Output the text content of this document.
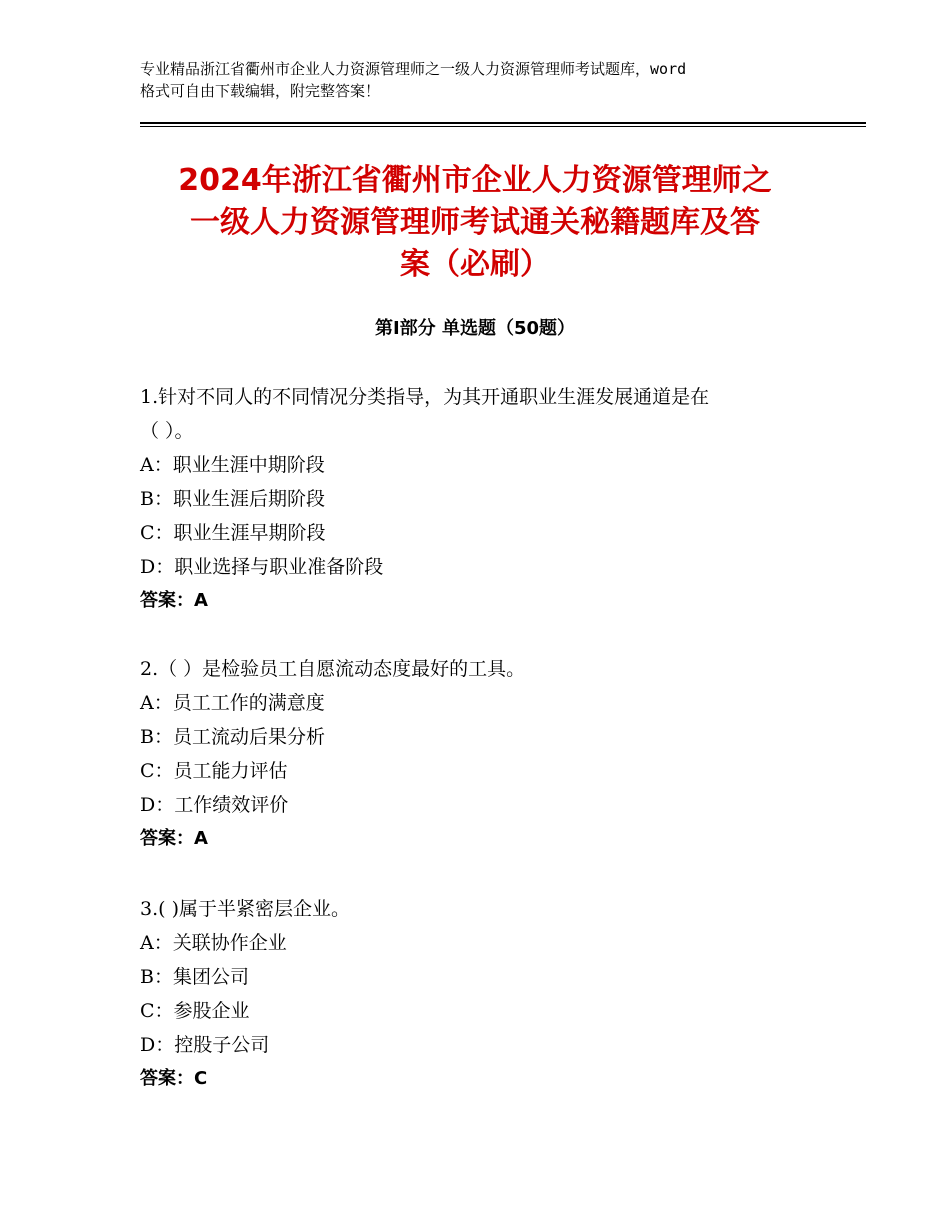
专业精品浙江省衢州市企业人力资源管理师之一级人力资源管理师考试题库，word
格式可自由下载编辑，附完整答案！
2024年浙江省衢州市企业人力资源管理师之
一级人力资源管理师考试通关秘籍题库及答
案（必刷）
第Ⅰ部分 单选题（50题）

1.针对不同人的不同情况分类指导，为其开通职业生涯发展通道是在

（ ）。

A：职业生涯中期阶段

B：职业生涯后期阶段

C：职业生涯早期阶段

D：职业选择与职业准备阶段

答案：A

2.（ ）是检验员工自愿流动态度最好的工具。

A：员工工作的满意度

B：员工流动后果分析

C：员工能力评估

D：工作绩效评价

答案：A

3.( )属于半紧密层企业。

A：关联协作企业

B：集团公司

C：参股企业

D：控股子公司

答案：C
